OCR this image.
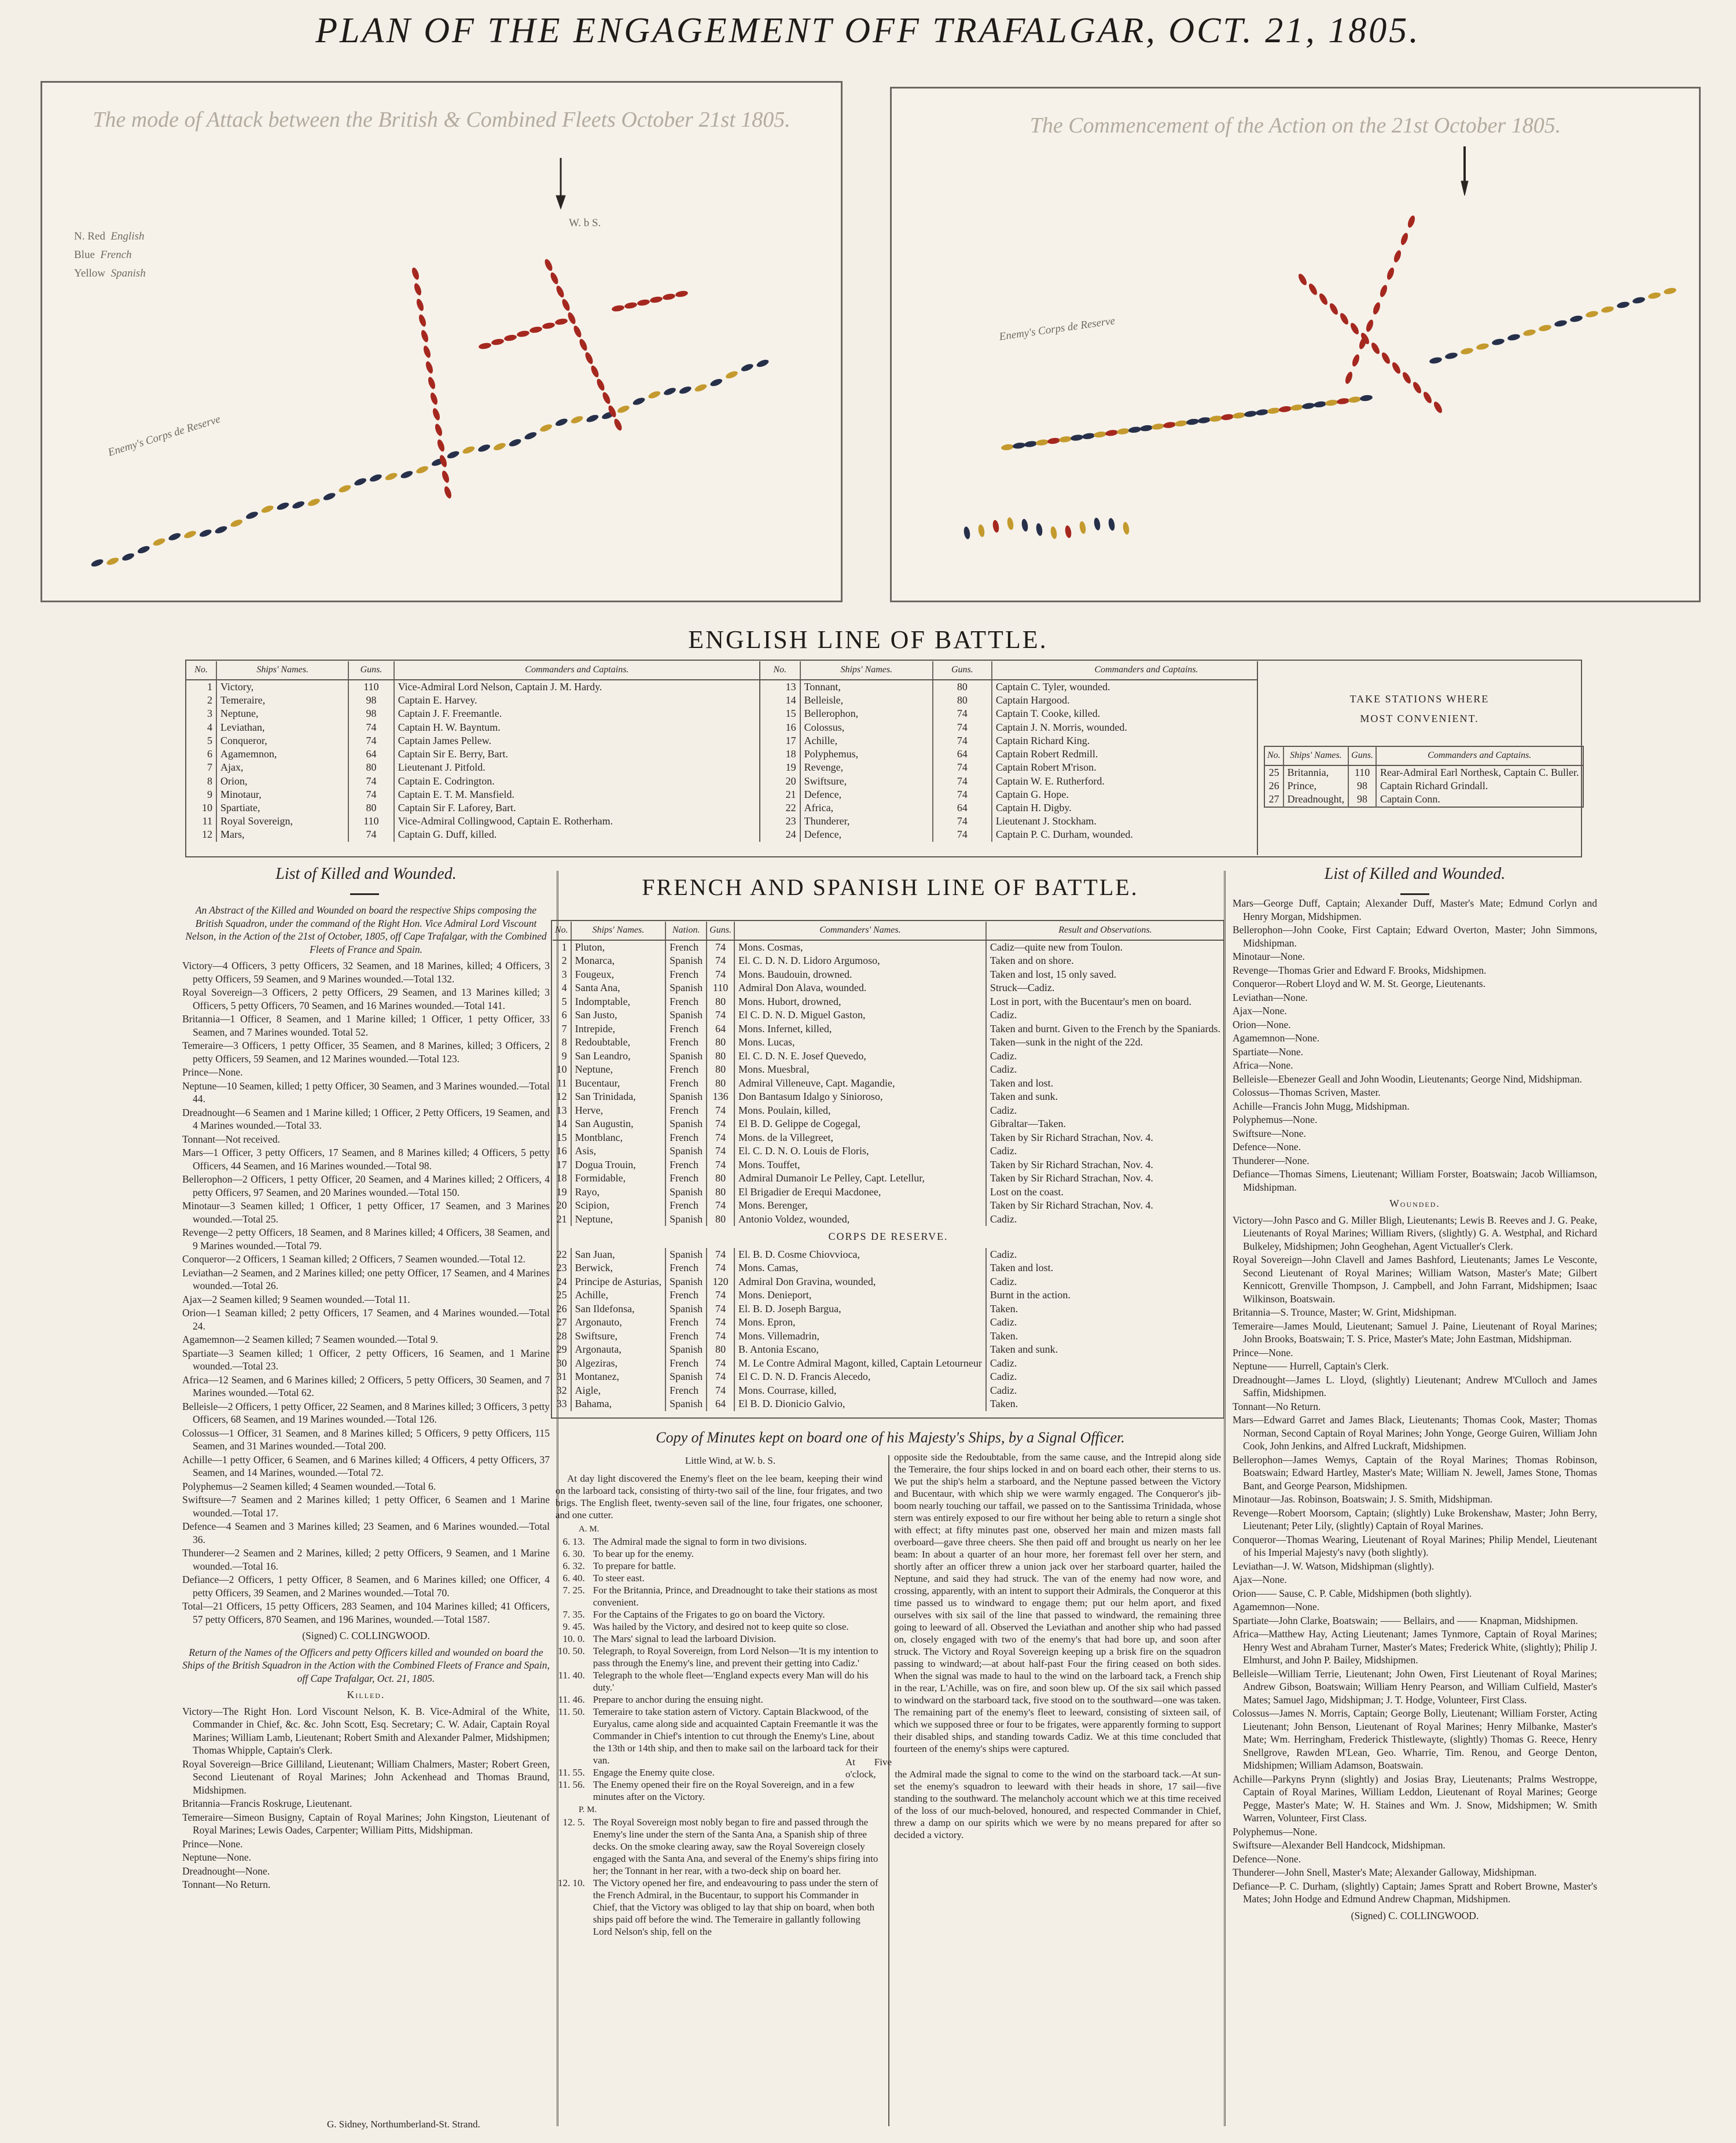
PLAN OF THE ENGAGEMENT OFF TRAFALGAR, OCT. 21, 1805.
The mode of Attack between the British & Combined Fleets October 21st 1805.
N. Red English
Blue French
Yellow Spanish
W. b S.
Enemy's Corps de Reserve
The Commencement of the Action on the 21st October 1805.
Enemy's Corps de Reserve
ENGLISH LINE OF BATTLE.
No.	Ships' Names.	Guns.	Commanders and Captains.
1	Victory,	110	Vice-Admiral Lord Nelson, Captain J. M. Hardy.
2	Temeraire,	98	Captain E. Harvey.
3	Neptune,	98	Captain J. F. Freemantle.
4	Leviathan,	74	Captain H. W. Bayntum.
5	Conqueror,	74	Captain James Pellew.
6	Agamemnon,	64	Captain Sir E. Berry, Bart.
7	Ajax,	80	Lieutenant J. Pitfold.
8	Orion,	74	Captain E. Codrington.
9	Minotaur,	74	Captain E. T. M. Mansfield.
10	Spartiate,	80	Captain Sir F. Laforey, Bart.
11	Royal Sovereign,	110	Vice-Admiral Collingwood, Captain E. Rotherham.
12	Mars,	74	Captain G. Duff, killed.
No.	Ships' Names.	Guns.	Commanders and Captains.
13	Tonnant,	80	Captain C. Tyler, wounded.
14	Belleisle,	80	Captain Hargood.
15	Bellerophon,	74	Captain T. Cooke, killed.
16	Colossus,	74	Captain J. N. Morris, wounded.
17	Achille,	74	Captain Richard King.
18	Polyphemus,	64	Captain Robert Redmill.
19	Revenge,	74	Captain Robert M'rison.
20	Swiftsure,	74	Captain W. E. Rutherford.
21	Defence,	74	Captain G. Hope.
22	Africa,	64	Captain H. Digby.
23	Thunderer,	74	Lieutenant J. Stockham.
24	Defence,	74	Captain P. C. Durham, wounded.
TAKE STATIONS WHERE MOST CONVENIENT.
No.	Ships' Names.	Guns.	Commanders and Captains.
25	Britannia,	110	Rear-Admiral Earl Northesk, Captain C. Buller.
26	Prince,	98	Captain Richard Grindall.
27	Dreadnought,	98	Captain Conn.
List of Killed and Wounded.

An Abstract of the Killed and Wounded on board the respective Ships composing the British Squadron, under the command of the Right Hon. Vice Admiral Lord Viscount Nelson, in the Action of the 21st of October, 1805, off Cape Trafalgar, with the Combined Fleets of France and Spain.

Victory—4 Officers, 3 petty Officers, 32 Seamen, and 18 Marines, killed; 4 Officers, 3 petty Officers, 59 Seamen, and 9 Marines wounded.—Total 132.

Royal Sovereign—3 Officers, 2 petty Officers, 29 Seamen, and 13 Marines killed; 3 Officers, 5 petty Officers, 70 Seamen, and 16 Marines wounded.—Total 141.

Britannia—1 Officer, 8 Seamen, and 1 Marine killed; 1 Officer, 1 petty Officer, 33 Seamen, and 7 Marines wounded. Total 52.

Temeraire—3 Officers, 1 petty Officer, 35 Seamen, and 8 Marines, killed; 3 Officers, 2 petty Officers, 59 Seamen, and 12 Marines wounded.—Total 123.

Prince—None.

Neptune—10 Seamen, killed; 1 petty Officer, 30 Seamen, and 3 Marines wounded.—Total 44.

Dreadnought—6 Seamen and 1 Marine killed; 1 Officer, 2 Petty Officers, 19 Seamen, and 4 Marines wounded.—Total 33.

Tonnant—Not received.

Mars—1 Officer, 3 petty Officers, 17 Seamen, and 8 Marines killed; 4 Officers, 5 petty Officers, 44 Seamen, and 16 Marines wounded.—Total 98.

Bellerophon—2 Officers, 1 petty Officer, 20 Seamen, and 4 Marines killed; 2 Officers, 4 petty Officers, 97 Seamen, and 20 Marines wounded.—Total 150.

Minotaur—3 Seamen killed; 1 Officer, 1 petty Officer, 17 Seamen, and 3 Marines wounded.—Total 25.

Revenge—2 petty Officers, 18 Seamen, and 8 Marines killed; 4 Officers, 38 Seamen, and 9 Marines wounded.—Total 79.

Conqueror—2 Officers, 1 Seaman killed; 2 Officers, 7 Seamen wounded.—Total 12.

Leviathan—2 Seamen, and 2 Marines killed; one petty Officer, 17 Seamen, and 4 Marines wounded.—Total 26.

Ajax—2 Seamen killed; 9 Seamen wounded.—Total 11.

Orion—1 Seaman killed; 2 petty Officers, 17 Seamen, and 4 Marines wounded.—Total 24.

Agamemnon—2 Seamen killed; 7 Seamen wounded.—Total 9.

Spartiate—3 Seamen killed; 1 Officer, 2 petty Officers, 16 Seamen, and 1 Marine wounded.—Total 23.

Africa—12 Seamen, and 6 Marines killed; 2 Officers, 5 petty Officers, 30 Seamen, and 7 Marines wounded.—Total 62.

Belleisle—2 Officers, 1 petty Officer, 22 Seamen, and 8 Marines killed; 3 Officers, 3 petty Officers, 68 Seamen, and 19 Marines wounded.—Total 126.

Colossus—1 Officer, 31 Seamen, and 8 Marines killed; 5 Officers, 9 petty Officers, 115 Seamen, and 31 Marines wounded.—Total 200.

Achille—1 petty Officer, 6 Seamen, and 6 Marines killed; 4 Officers, 4 petty Officers, 37 Seamen, and 14 Marines, wounded.—Total 72.

Polyphemus—2 Seamen killed; 4 Seamen wounded.—Total 6.

Swiftsure—7 Seamen and 2 Marines killed; 1 petty Officer, 6 Seamen and 1 Marine wounded.—Total 17.

Defence—4 Seamen and 3 Marines killed; 23 Seamen, and 6 Marines wounded.—Total 36.

Thunderer—2 Seamen and 2 Marines, killed; 2 petty Officers, 9 Seamen, and 1 Marine wounded.—Total 16.

Defiance—2 Officers, 1 petty Officer, 8 Seamen, and 6 Marines killed; one Officer, 4 petty Officers, 39 Seamen, and 2 Marines wounded.—Total 70.

Total—21 Officers, 15 petty Officers, 283 Seamen, and 104 Marines killed; 41 Officers, 57 petty Officers, 870 Seamen, and 196 Marines, wounded.—Total 1587.

(Signed) C. COLLINGWOOD.

Return of the Names of the Officers and petty Officers killed and wounded on board the Ships of the British Squadron in the Action with the Combined Fleets of France and Spain, off Cape Trafalgar, Oct. 21, 1805.

Killed.

Victory—The Right Hon. Lord Viscount Nelson, K. B. Vice-Admiral of the White, Commander in Chief, &c. &c. John Scott, Esq. Secretary; C. W. Adair, Captain Royal Marines; William Lamb, Lieutenant; Robert Smith and Alexander Palmer, Midshipmen; Thomas Whipple, Captain's Clerk.

Royal Sovereign—Brice Gilliland, Lieutenant; William Chalmers, Master; Robert Green, Second Lieutenant of Royal Marines; John Ackenhead and Thomas Braund, Midshipmen.

Britannia—Francis Roskruge, Lieutenant.

Temeraire—Simeon Busigny, Captain of Royal Marines; John Kingston, Lieutenant of Royal Marines; Lewis Oades, Carpenter; William Pitts, Midshipman.

Prince—None.

Neptune—None.

Dreadnought—None.

Tonnant—No Return.

G. Sidney, Northumberland-St. Strand.
FRENCH AND SPANISH LINE OF BATTLE.
No.	Ships' Names.	Nation.	Guns.	Commanders' Names.	Result and Observations.
1	Pluton,	French	74	Mons. Cosmas,	Cadiz—quite new from Toulon.
2	Monarca,	Spanish	74	El. C. D. N. D. Lidoro Argumoso,	Taken and on shore.
3	Fougeux,	French	74	Mons. Baudouin, drowned.	Taken and lost, 15 only saved.
4	Santa Ana,	Spanish	110	Admiral Don Alava, wounded.	Struck—Cadiz.
5	Indomptable,	French	80	Mons. Hubort, drowned,	Lost in port, with the Bucentaur's men on board.
6	San Justo,	Spanish	74	El C. D. N. D. Miguel Gaston,	Cadiz.
7	Intrepide,	French	64	Mons. Infernet, killed,	Taken and burnt. Given to the French by the Spaniards.
8	Redoubtable,	French	80	Mons. Lucas,	Taken—sunk in the night of the 22d.
9	San Leandro,	Spanish	80	El. C. D. N. E. Josef Quevedo,	Cadiz.
10	Neptune,	French	80	Mons. Muesbral,	Cadiz.
11	Bucentaur,	French	80	Admiral Villeneuve, Capt. Magandie,	Taken and lost.
12	San Trinidada,	Spanish	136	Don Bantasum Idalgo y Sinioroso,	Taken and sunk.
13	Herve,	French	74	Mons. Poulain, killed,	Cadiz.
14	San Augustin,	Spanish	74	El B. D. Gelippe de Cogegal,	Gibraltar—Taken.
15	Montblanc,	French	74	Mons. de la Villegreet,	Taken by Sir Richard Strachan, Nov. 4.
16	Asis,	Spanish	74	El. C. D. N. O. Louis de Floris,	Cadiz.
17	Dogua Trouin,	French	74	Mons. Touffet,	Taken by Sir Richard Strachan, Nov. 4.
18	Formidable,	French	80	Admiral Dumanoir Le Pelley, Capt. Letellur,	Taken by Sir Richard Strachan, Nov. 4.
19	Rayo,	Spanish	80	El Brigadier de Erequi Macdonee,	Lost on the coast.
20	Scipion,	French	74	Mons. Berenger,	Taken by Sir Richard Strachan, Nov. 4.
21	Neptune,	Spanish	80	Antonio Voldez, wounded,	Cadiz.
CORPS DE RESERVE.					
22	San Juan,	Spanish	74	El. B. D. Cosme Chiovvioca,	Cadiz.
23	Berwick,	French	74	Mons. Camas,	Taken and lost.
24	Principe de Asturias,	Spanish	120	Admiral Don Gravina, wounded,	Cadiz.
25	Achille,	French	74	Mons. Denieport,	Burnt in the action.
26	San Ildefonsa,	Spanish	74	El. B. D. Joseph Bargua,	Taken.
27	Argonauto,	French	74	Mons. Epron,	Cadiz.
28	Swiftsure,	French	74	Mons. Villemadrin,	Taken.
29	Argonauta,	Spanish	80	B. Antonia Escano,	Taken and sunk.
30	Algeziras,	French	74	M. Le Contre Admiral Magont, killed, Captain Letourneur	Cadiz.
31	Montanez,	Spanish	74	El C. D. N. D. Francis Alecedo,	Cadiz.
32	Aigle,	French	74	Mons. Courrase, killed,	Cadiz.
33	Bahama,	Spanish	64	El B. D. Dionicio Galvio,	Taken.
Copy of Minutes kept on board one of his Majesty's Ships, by a Signal Officer.
Little Wind, at W. b. S.
At day light discovered the Enemy's fleet on the lee beam, keeping their wind on the larboard tack, consisting of thirty-two sail of the line, four frigates, and two brigs. The English fleet, twenty-seven sail of the line, four frigates, one schooner, and one cutter.
A. M.
6. 13.	The Admiral made the signal to form in two divisions.
6. 30.	To bear up for the enemy.
6. 32.	To prepare for battle.
6. 40.	To steer east.
7. 25.	For the Britannia, Prince, and Dreadnought to take their stations as most convenient.
7. 35.	For the Captains of the Frigates to go on board the Victory.
9. 45.	Was hailed by the Victory, and desired not to keep quite so close.
10. 0.	The Mars' signal to lead the larboard Division.
10. 50.	Telegraph, to Royal Sovereign, from Lord Nelson—'It is my intention to pass through the Enemy's line, and prevent their getting into Cadiz.'
11. 40.	Telegraph to the whole fleet—'England expects every Man will do his duty.'
11. 46.	Prepare to anchor during the ensuing night.
11. 50.	Temeraire to take station astern of Victory. Captain Blackwood, of the Euryalus, came along side and acquainted Captain Freemantle it was the Commander in Chief's intention to cut through the Enemy's Line, about the 13th or 14th ship, and then to make sail on the larboard tack for their van.
11. 55.	Engage the Enemy quite close.
11. 56.	The Enemy opened their fire on the Royal Sovereign, and in a few minutes after on the Victory.
P. M.
12. 5.	The Royal Sovereign most nobly began to fire and passed through the Enemy's line under the stern of the Santa Ana, a Spanish ship of three decks. On the smoke clearing away, saw the Royal Sovereign closely engaged with the Santa Ana, and several of the Enemy's ships firing into her; the Tonnant in her rear, with a two-deck ship on board her.
12. 10.	The Victory opened her fire, and endeavouring to pass under the stern of the French Admiral, in the Bucentaur, to support his Commander in Chief, that the Victory was obliged to lay that ship on board, when both ships paid off before the wind. The Temeraire in gallantly following Lord Nelson's ship, fell on the
opposite side the Redoubtable, from the same cause, and the Intrepid along side the Temeraire, the four ships locked in and on board each other, their sterns to us. We put the ship's helm a starboard, and the Neptune passed between the Victory and Bucentaur, with which ship we were warmly engaged. The Conqueror's jib-boom nearly touching our taffail, we passed on to the Santissima Trinidada, whose stern was entirely exposed to our fire without her being able to return a single shot with effect; at fifty minutes past one, observed her main and mizen masts fall overboard—gave three cheers. She then paid off and brought us nearly on her lee beam: In about a quarter of an hour more, her foremast fell over her stern, and shortly after an officer threw a union jack over her starboard quarter, hailed the Neptune, and said they had struck. The van of the enemy had now wore, and crossing, apparently, with an intent to support their Admirals, the Conqueror at this time passed us to windward to engage them; put our helm aport, and fixed ourselves with six sail of the line that passed to windward, the remaining three going to leeward of all. Observed the Leviathan and another ship who had passed on, closely engaged with two of the enemy's that had bore up, and soon after struck. The Victory and Royal Sovereign keeping up a brisk fire on the squadron passing to windward;—at about half-past Four the firing ceased on both sides. When the signal was made to haul to the wind on the larboard tack, a French ship in the rear, L'Achille, was on fire, and soon blew up. Of the six sail which passed to windward on the starboard tack, five stood on to the southward—one was taken. The remaining part of the enemy's fleet to leeward, consisting of sixteen sail, of which we supposed three or four to be frigates, were apparently forming to support their disabled ships, and standing towards Cadiz. We at this time concluded that fourteen of the enemy's ships were captured.
At Five o'clock, the Admiral made the signal to come to the wind on the starboard tack.—At sun-set the enemy's squadron to leeward with their heads in shore, 17 sail—five standing to the southward. The melancholy account which we at this time received of the loss of our much-beloved, honoured, and respected Commander in Chief, threw a damp on our spirits which we were by no means prepared for after so decided a victory.
List of Killed and Wounded.

Mars—George Duff, Captain; Alexander Duff, Master's Mate; Edmund Corlyn and Henry Morgan, Midshipmen.

Bellerophon—John Cooke, First Captain; Edward Overton, Master; John Simmons, Midshipman.

Minotaur—None.

Revenge—Thomas Grier and Edward F. Brooks, Midshipmen.

Conqueror—Robert Lloyd and W. M. St. George, Lieutenants.

Leviathan—None.

Ajax—None.

Orion—None.

Agamemnon—None.

Spartiate—None.

Africa—None.

Belleisle—Ebenezer Geall and John Woodin, Lieutenants; George Nind, Midshipman.

Colossus—Thomas Scriven, Master.

Achille—Francis John Mugg, Midshipman.

Polyphemus—None.

Swiftsure—None.

Defence—None.

Thunderer—None.

Defiance—Thomas Simens, Lieutenant; William Forster, Boatswain; Jacob Williamson, Midshipman.

Wounded.

Victory—John Pasco and G. Miller Bligh, Lieutenants; Lewis B. Reeves and J. G. Peake, Lieutenants of Royal Marines; William Rivers, (slightly) G. A. Westphal, and Richard Bulkeley, Midshipmen; John Geoghehan, Agent Victualler's Clerk.

Royal Sovereign—John Clavell and James Bashford, Lieutenants; James Le Vesconte, Second Lieutenant of Royal Marines; William Watson, Master's Mate; Gilbert Kennicott, Grenville Thompson, J. Campbell, and John Farrant, Midshipmen; Isaac Wilkinson, Boatswain.

Britannia—S. Trounce, Master; W. Grint, Midshipman.

Temeraire—James Mould, Lieutenant; Samuel J. Paine, Lieutenant of Royal Marines; John Brooks, Boatswain; T. S. Price, Master's Mate; John Eastman, Midshipman.

Prince—None.

Neptune—— Hurrell, Captain's Clerk.

Dreadnought—James L. Lloyd, (slightly) Lieutenant; Andrew M'Culloch and James Saffin, Midshipmen.

Tonnant—No Return.

Mars—Edward Garret and James Black, Lieutenants; Thomas Cook, Master; Thomas Norman, Second Captain of Royal Marines; John Yonge, George Guiren, William John Cook, John Jenkins, and Alfred Luckraft, Midshipmen.

Bellerophon—James Wemys, Captain of the Royal Marines; Thomas Robinson, Boatswain; Edward Hartley, Master's Mate; William N. Jewell, James Stone, Thomas Bant, and George Pearson, Midshipmen.

Minotaur—Jas. Robinson, Boatswain; J. S. Smith, Midshipman.

Revenge—Robert Moorsom, Captain; (slightly) Luke Brokenshaw, Master; John Berry, Lieutenant; Peter Lily, (slightly) Captain of Royal Marines.

Conqueror—Thomas Wearing, Lieutenant of Royal Marines; Philip Mendel, Lieutenant of his Imperial Majesty's navy (both slightly).

Leviathan—J. W. Watson, Midshipman (slightly).

Ajax—None.

Orion—— Sause, C. P. Cable, Midshipmen (both slightly).

Agamemnon—None.

Spartiate—John Clarke, Boatswain; —— Bellairs, and —— Knapman, Midshipmen.

Africa—Matthew Hay, Acting Lieutenant; James Tynmore, Captain of Royal Marines; Henry West and Abraham Turner, Master's Mates; Frederick White, (slightly); Philip J. Elmhurst, and John P. Bailey, Midshipmen.

Belleisle—William Terrie, Lieutenant; John Owen, First Lieutenant of Royal Marines; Andrew Gibson, Boatswain; William Henry Pearson, and William Culfield, Master's Mates; Samuel Jago, Midshipman; J. T. Hodge, Volunteer, First Class.

Colossus—James N. Morris, Captain; George Bolly, Lieutenant; William Forster, Acting Lieutenant; John Benson, Lieutenant of Royal Marines; Henry Milbanke, Master's Mate; Wm. Herringham, Frederick Thistlewayte, (slightly) Thomas G. Reece, Henry Snellgrove, Rawden M'Lean, Geo. Wharrie, Tim. Renou, and George Denton, Midshipmen; William Adamson, Boatswain.

Achille—Parkyns Prynn (slightly) and Josias Bray, Lieutenants; Pralms Westroppe, Captain of Royal Marines, William Leddon, Lieutenant of Royal Marines; George Pegge, Master's Mate; W. H. Staines and Wm. J. Snow, Midshipmen; W. Smith Warren, Volunteer, First Class.

Polyphemus—None.

Swiftsure—Alexander Bell Handcock, Midshipman.

Defence—None.

Thunderer—John Snell, Master's Mate; Alexander Galloway, Midshipman.

Defiance—P. C. Durham, (slightly) Captain; James Spratt and Robert Browne, Master's Mates; John Hodge and Edmund Andrew Chapman, Midshipmen.

(Signed) C. COLLINGWOOD.
